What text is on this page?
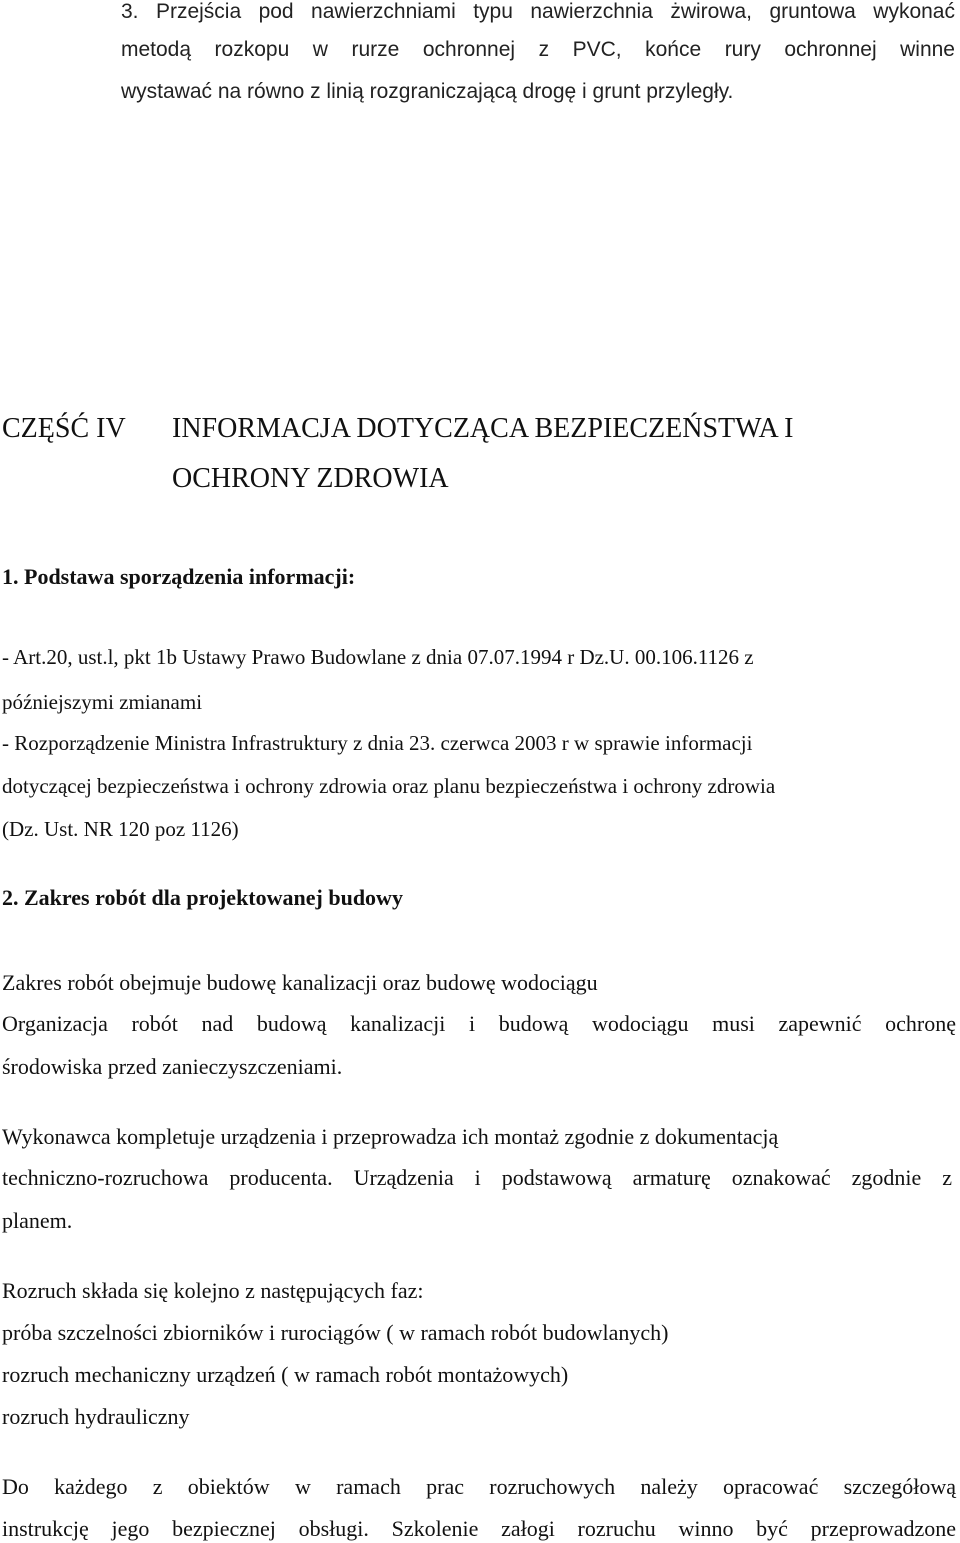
3. Przejścia pod nawierzchniami typu nawierzchnia żwirowa, gruntowa wykonać

metodą rozkopu w rurze ochronnej z PVC, końce rury ochronnej winne

wystawać na równo z linią rozgraniczającą drogę i grunt przyległy.

CZĘŚĆ IV INFORMACJA DOTYCZĄCA BEZPIECZEŃSTWA I

OCHRONY ZDROWIA

1. Podstawa sporządzenia informacji:

- Art.20, ust.l, pkt 1b Ustawy Prawo Budowlane z dnia 07.07.1994 r Dz.U. 00.106.1126 z

późniejszymi zmianami

- Rozporządzenie Ministra Infrastruktury z dnia 23. czerwca 2003 r w sprawie informacji

dotyczącej bezpieczeństwa i ochrony zdrowia oraz planu bezpieczeństwa i ochrony zdrowia

(Dz. Ust. NR 120 poz 1126)

2. Zakres robót dla projektowanej budowy

Zakres robót obejmuje budowę kanalizacji oraz budowę wodociągu

Organizacja robót nad budową kanalizacji i budową wodociągu musi zapewnić ochronę

środowiska przed zanieczyszczeniami.

Wykonawca kompletuje urządzenia i przeprowadza ich montaż zgodnie z dokumentacją

techniczno-rozruchowa producenta. Urządzenia i podstawową armaturę oznakować zgodnie z

planem.

Rozruch składa się kolejno z następujących faz:

próba szczelności zbiorników i rurociągów ( w ramach robót budowlanych)

rozruch mechaniczny urządzeń ( w ramach robót montażowych)

rozruch hydrauliczny

Do każdego z obiektów w ramach prac rozruchowych należy opracować szczegółową

instrukcję jego bezpiecznej obsługi. Szkolenie załogi rozruchu winno być przeprowadzone
